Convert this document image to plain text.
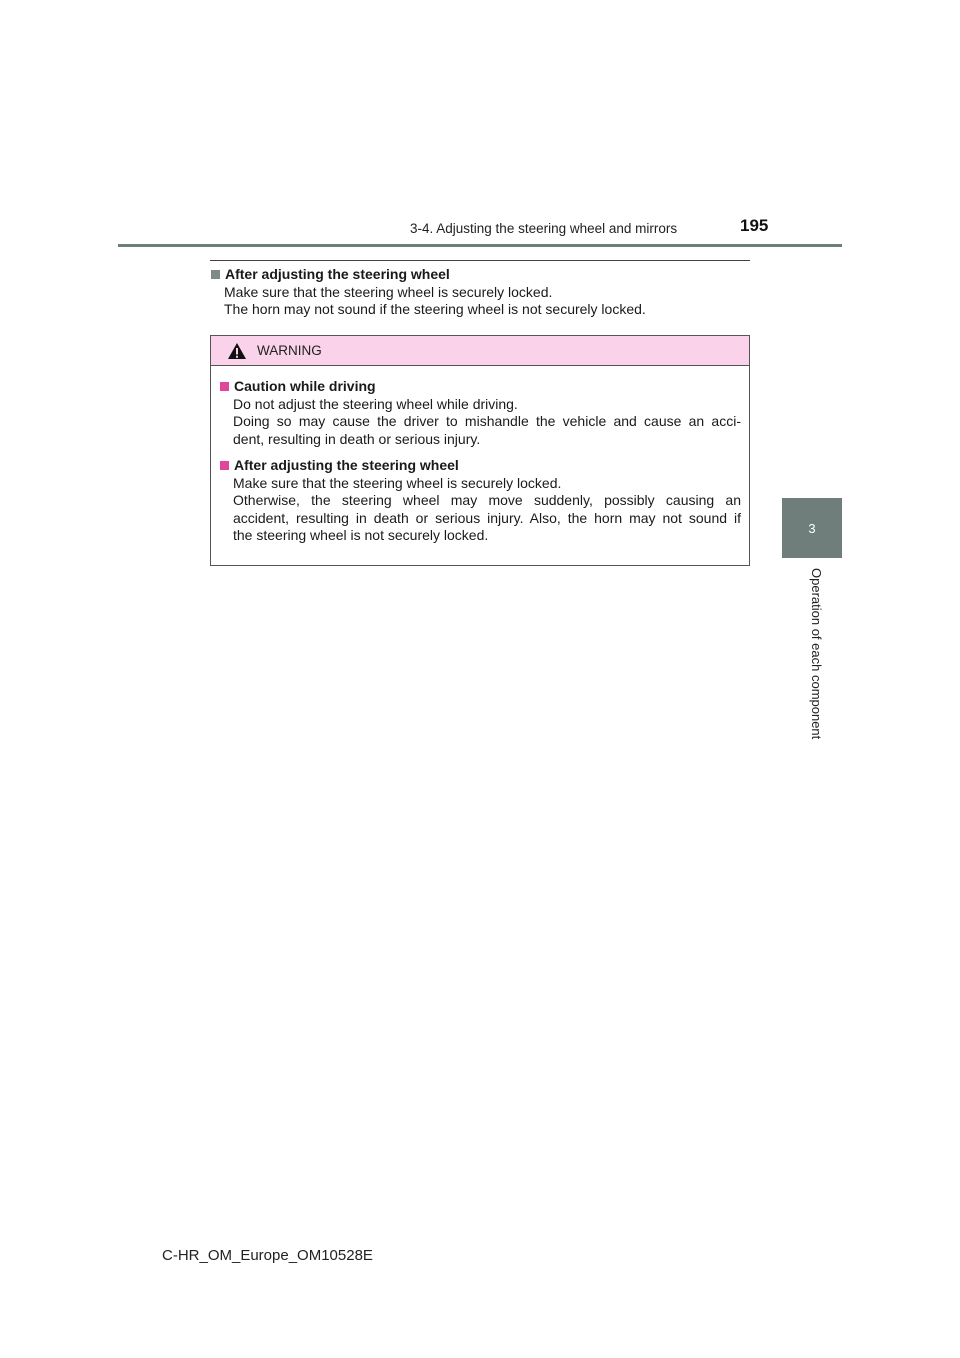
3-4. Adjusting the steering wheel and mirrors	195
3
Operation of each component
After adjusting the steering wheel
Make sure that the steering wheel is securely locked.
The horn may not sound if the steering wheel is not securely locked.
WARNING
Caution while driving
Do not adjust the steering wheel while driving.
Doing so may cause the driver to mishandle the vehicle and cause an acci-
dent, resulting in death or serious injury.
After adjusting the steering wheel
Make sure that the steering wheel is securely locked.
Otherwise, the steering wheel may move suddenly, possibly causing an
accident, resulting in death or serious injury. Also, the horn may not sound if
the steering wheel is not securely locked.
C-HR_OM_Europe_OM10528E
